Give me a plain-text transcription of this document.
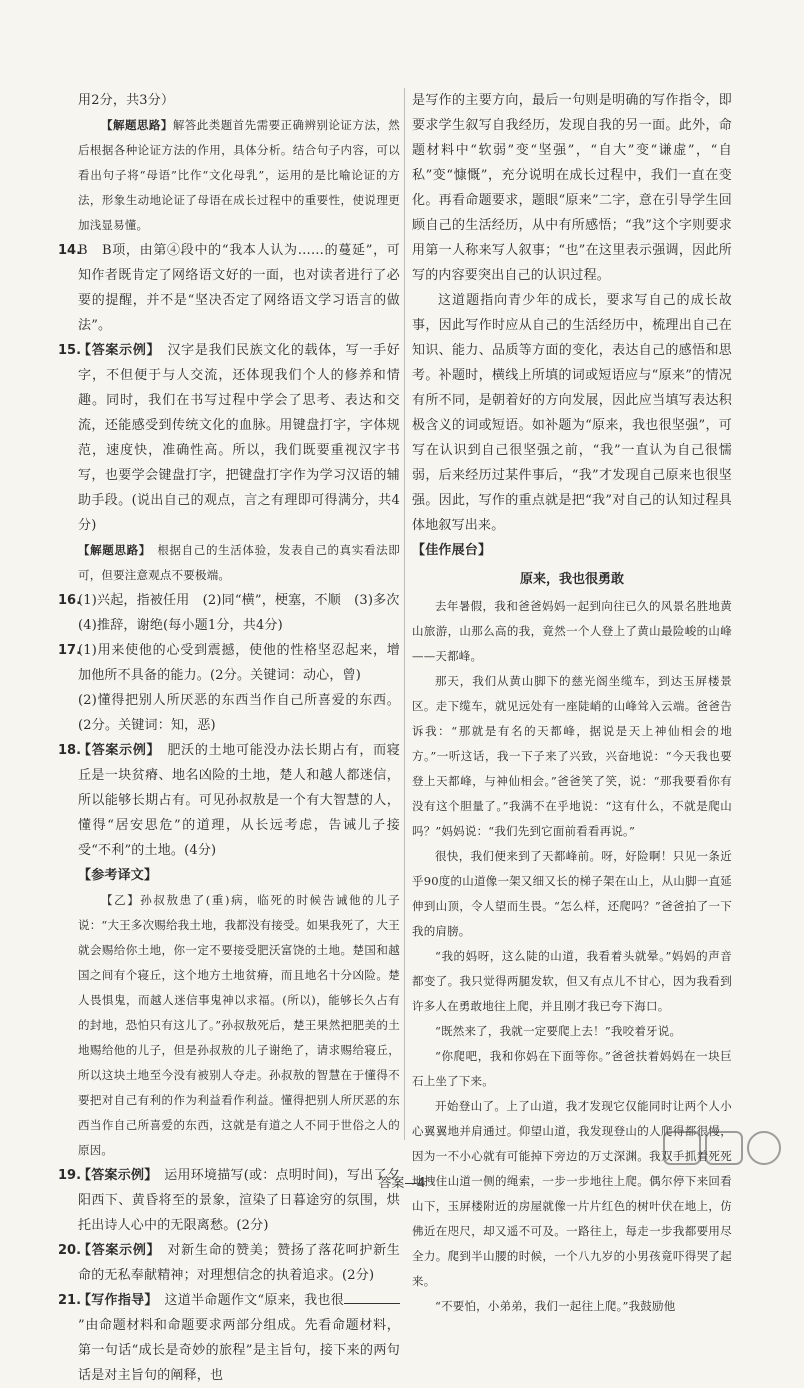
用2分，共3分）

【解题思路】解答此类题首先需要正确辨别论证方法，然后根据各种论证方法的作用，具体分析。结合句子内容，可以看出句子将“母语”比作“文化母乳”，运用的是比喻论证的方法，形象生动地论证了母语在成长过程中的重要性，使说理更加浅显易懂。

14.

B　B项，由第④段中的“我本人认为……的蔓延”，可知作者既肯定了网络语文好的一面，也对读者进行了必要的提醒，并不是“坚决否定了网络语文学习语言的做法”。

15.

【答案示例】　 汉字是我们民族文化的载体，写一手好字，不但便于与人交流，还体现我们个人的修养和情趣。同时，我们在书写过程中学会了思考、表达和交流，还能感受到传统文化的血脉。用键盘打字，字体规范，速度快，准确性高。所以，我们既要重视汉字书写，也要学会键盘打字，把键盘打字作为学习汉语的辅助手段。(说出自己的观点，言之有理即可得满分，共4分)

【解题思路】　 根据自己的生活体验，发表自己的真实看法即可，但要注意观点不要极端。

16.

(1)兴起，指被任用　(2)同“横”，梗塞，不顺　(3)多次

(4)推辞，谢绝(每小题1分，共4分)

17.

(1)用来使他的心受到震撼，使他的性格坚忍起来，增加他所不具备的能力。(2分。关键词：动心，曾)

(2)懂得把别人所厌恶的东西当作自己所喜爱的东西。(2分。关键词：知，恶)

18.

【答案示例】　 肥沃的土地可能没办法长期占有，而寝丘是一块贫瘠、地名凶险的土地，楚人和越人都迷信，所以能够长期占有。可见孙叔敖是一个有大智慧的人，懂得“居安思危”的道理，从长远考虑，告诫儿子接受“不利”的土地。(4分)

【参考译文】

【乙】孙叔敖患了(重)病，临死的时候告诫他的儿子说：“大王多次赐给我土地，我都没有接受。如果我死了，大王就会赐给你土地，你一定不要接受肥沃富饶的土地。楚国和越国之间有个寝丘，这个地方土地贫瘠，而且地名十分凶险。楚人畏惧鬼，而越人迷信事鬼神以求福。(所以)，能够长久占有的封地，恐怕只有这儿了。”孙叔敖死后，楚王果然把肥美的土地赐给他的儿子，但是孙叔敖的儿子谢绝了，请求赐给寝丘，所以这块土地至今没有被别人夺走。孙叔敖的智慧在于懂得不要把对自己有利的作为利益看作利益。懂得把别人所厌恶的东西当作自己所喜爱的东西，这就是有道之人不同于世俗之人的原因。

19.

【答案示例】　 运用环境描写(或：点明时间)，写出了夕阳西下、黄昏将至的景象，渲染了日暮途穷的氛围，烘托出诗人心中的无限离愁。(2分)

20.

【答案示例】　 对新生命的赞美；赞扬了落花呵护新生命的无私奉献精神；对理想信念的执着追求。(2分)

21.

【写作指导】　 这道半命题作文“原来，我也很”由命题材料和命题要求两部分组成。先看命题材料，第一句话“成长是奇妙的旅程”是主旨句，接下来的两句话是对主旨句的阐释，也

是写作的主要方向，最后一句则是明确的写作指令，即要求学生叙写自我经历，发现自我的另一面。此外，命题材料中“软弱”变“坚强”，“自大”变“谦虚”，“自私”变“慷慨”，充分说明在成长过程中，我们一直在变化。再看命题要求，题眼“原来”二字，意在引导学生回顾自己的生活经历，从中有所感悟；“我”这个字则要求用第一人称来写人叙事；“也”在这里表示强调，因此所写的内容要突出自己的认识过程。

这道题指向青少年的成长，要求写自己的成长故事，因此写作时应从自己的生活经历中，梳理出自己在知识、能力、品质等方面的变化，表达自己的感悟和思考。补题时，横线上所填的词或短语应与“原来”的情况有所不同，是朝着好的方向发展，因此应当填写表达积极含义的词或短语。如补题为“原来，我也很坚强”，可写在认识到自己很坚强之前，“我”一直认为自己很懦弱，后来经历过某件事后，“我”才发现自己原来也很坚强。因此，写作的重点就是把“我”对自己的认知过程具体地叙写出来。

【佳作展台】

原来，我也很勇敢

去年暑假，我和爸爸妈妈一起到向往已久的风景名胜地黄山旅游，山那么高的我，竟然一个人登上了黄山最险峻的山峰——天都峰。

那天，我们从黄山脚下的慈光阁坐缆车，到达玉屏楼景区。走下缆车，就见远处有一座陡峭的山峰耸入云端。爸爸告诉我：“那就是有名的天都峰，据说是天上神仙相会的地方。”一听这话，我一下子来了兴致，兴奋地说：“今天我也要登上天都峰，与神仙相会。”爸爸笑了笑，说：“那我要看你有没有这个胆量了。”我满不在乎地说：“这有什么，不就是爬山吗？”妈妈说：“我们先到它面前看看再说。”

很快，我们便来到了天都峰前。呀，好险啊！只见一条近乎90度的山道像一架又细又长的梯子架在山上，从山脚一直延伸到山顶，令人望而生畏。“怎么样，还爬吗？”爸爸拍了一下我的肩膀。

“我的妈呀，这么陡的山道，我看着头就晕。”妈妈的声音都变了。我只觉得两腿发软，但又有点儿不甘心，因为我看到许多人在勇敢地往上爬，并且刚才我已夸下海口。

“既然来了，我就一定要爬上去！”我咬着牙说。

“你爬吧，我和你妈在下面等你。”爸爸扶着妈妈在一块巨石上坐了下来。

开始登山了。上了山道，我才发现它仅能同时让两个人小心翼翼地并肩通过。仰望山道，我发现登山的人爬得都很慢，因为一不小心就有可能掉下旁边的万丈深渊。我双手抓着死死地拽住山道一侧的绳索，一步一步地往上爬。偶尔停下来回看山下，玉屏楼附近的房屋就像一片片红色的树叶伏在地上，仿佛近在咫尺，却又遥不可及。一路往上，每走一步我都要用尽全力。爬到半山腰的时候，一个八九岁的小男孩竟吓得哭了起来。

“不要怕，小弟弟，我们一起往上爬。”我鼓励他

答案—4
